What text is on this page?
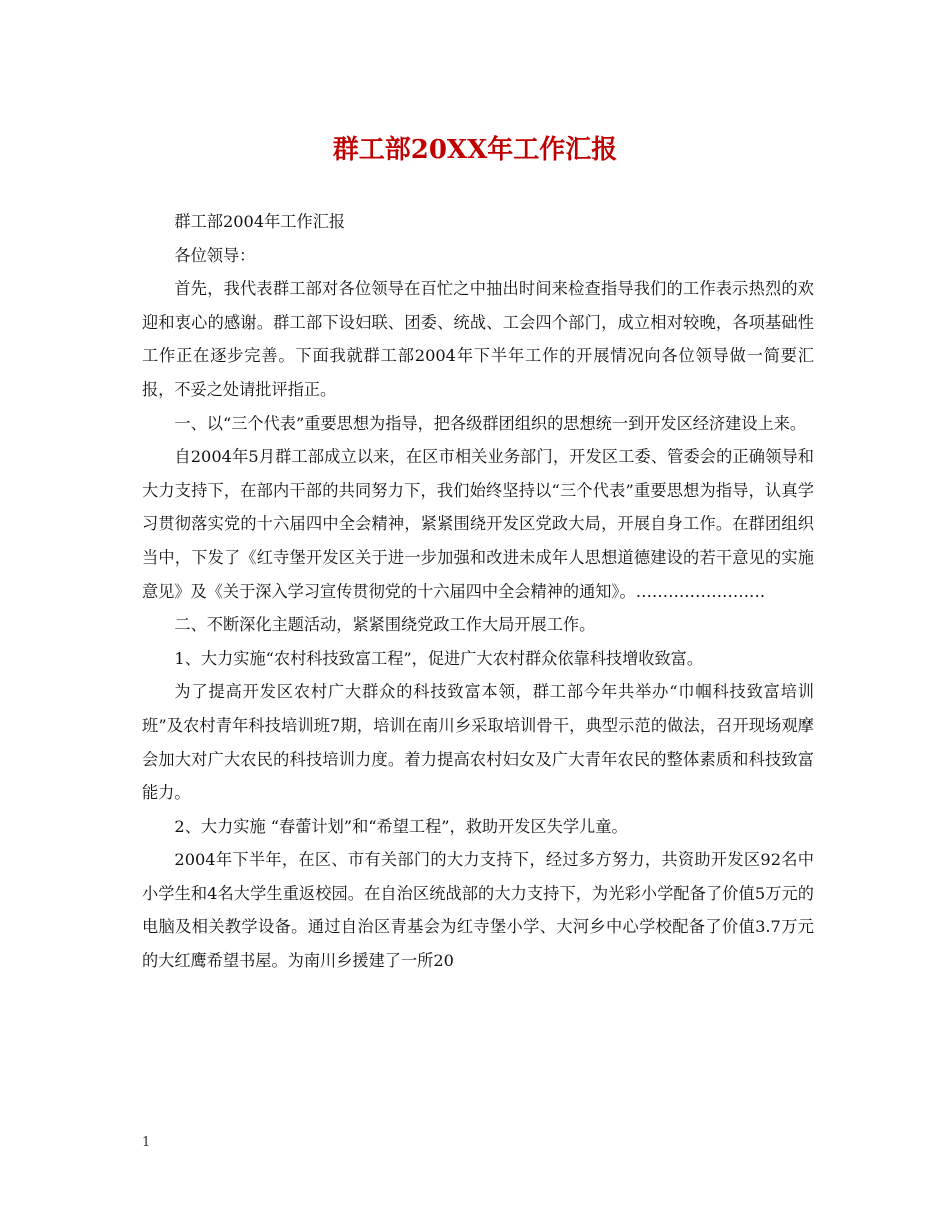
群工部20XX年工作汇报

群工部2004年工作汇报

各位领导：

首先，我代表群工部对各位领导在百忙之中抽出时间来检查指导我们的工作表示热烈的欢迎和衷心的感谢。群工部下设妇联、团委、统战、工会四个部门，成立相对较晚，各项基础性工作正在逐步完善。下面我就群工部2004年下半年工作的开展情况向各位领导做一简要汇报，不妥之处请批评指正。

一、以“三个代表”重要思想为指导，把各级群团组织的思想统一到开发区经济建设上来。

自2004年5月群工部成立以来，在区市相关业务部门，开发区工委、管委会的正确领导和大力支持下，在部内干部的共同努力下，我们始终坚持以“三个代表”重要思想为指导，认真学习贯彻落实党的十六届四中全会精神，紧紧围绕开发区党政大局，开展自身工作。在群团组织当中，下发了《红寺堡开发区关于进一步加强和改进未成年人思想道德建设的若干意见的实施意见》及《关于深入学习宣传贯彻党的十六届四中全会精神的通知》。……………………

二、不断深化主题活动，紧紧围绕党政工作大局开展工作。

1、大力实施“农村科技致富工程”，促进广大农村群众依靠科技增收致富。

为了提高开发区农村广大群众的科技致富本领，群工部今年共举办“巾帼科技致富培训班”及农村青年科技培训班7期，培训在南川乡采取培训骨干，典型示范的做法，召开现场观摩会加大对广大农民的科技培训力度。着力提高农村妇女及广大青年农民的整体素质和科技致富能力。

2、大力实施 “春蕾计划”和“希望工程”，救助开发区失学儿童。

2004年下半年，在区、市有关部门的大力支持下，经过多方努力，共资助开发区92名中小学生和4名大学生重返校园。在自治区统战部的大力支持下，为光彩小学配备了价值5万元的电脑及相关教学设备。通过自治区青基会为红寺堡小学、大河乡中心学校配备了价值3.7万元的大红鹰希望书屋。为南川乡援建了一所20

1
